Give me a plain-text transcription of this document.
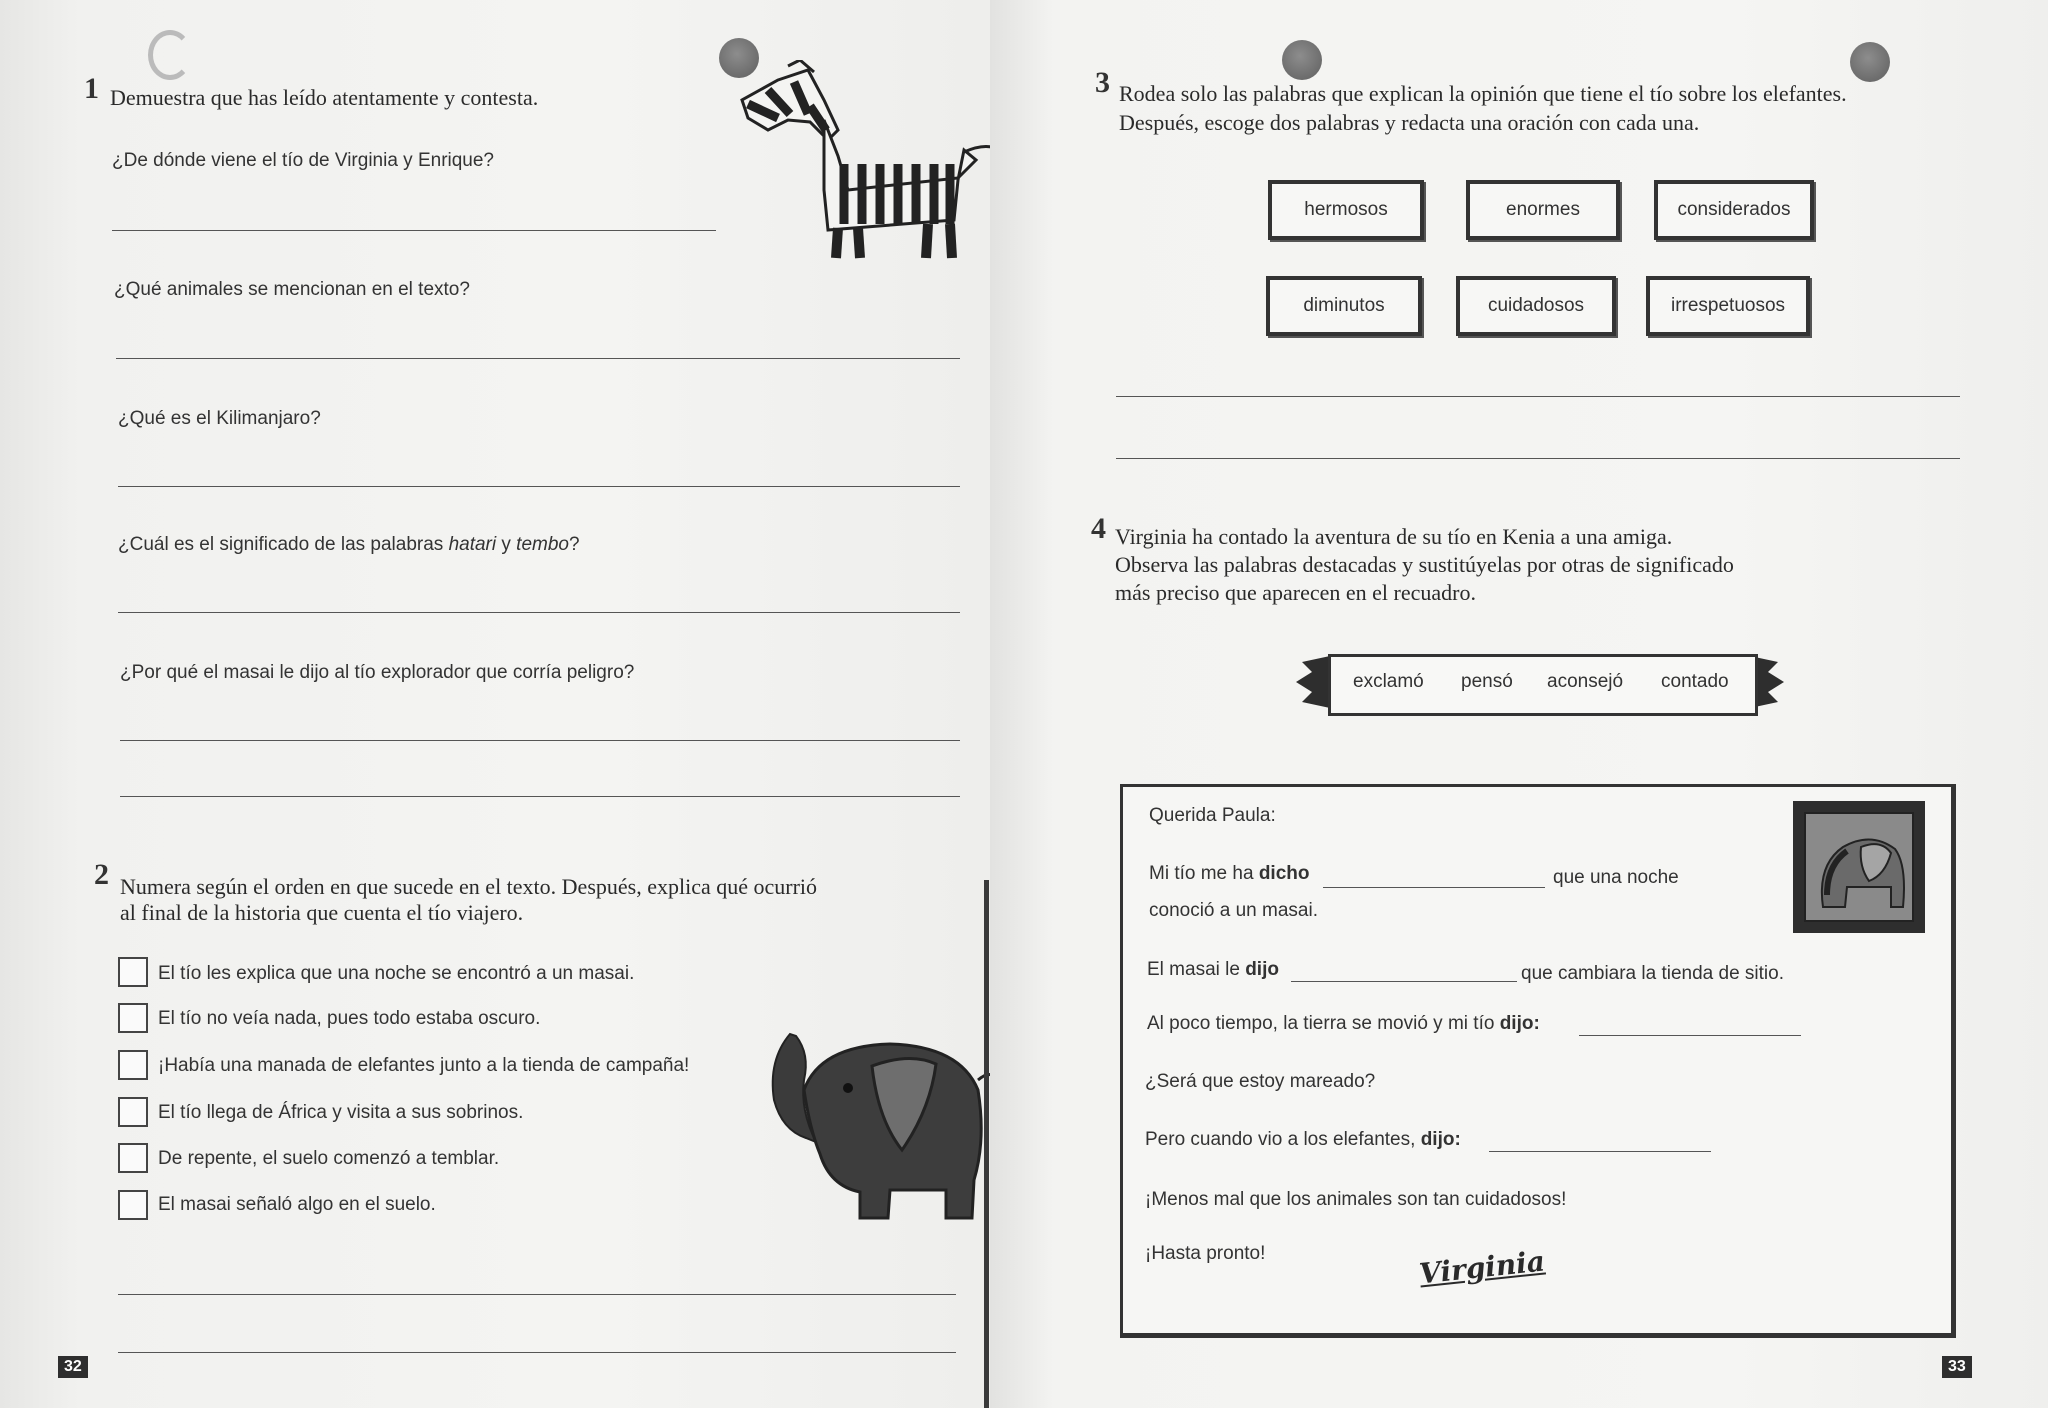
1 Demuestra que has leído atentamente y contesta.
¿De dónde viene el tío de Virginia y Enrique?
¿Qué animales se mencionan en el texto?
¿Qué es el Kilimanjaro?
¿Cuál es el significado de las palabras hatari y tembo?
¿Por qué el masai le dijo al tío explorador que corría peligro?
2 Numera según el orden en que sucede en el texto. Después, explica qué ocurrió
al final de la historia que cuenta el tío viajero.
El tío les explica que una noche se encontró a un masai.
El tío no veía nada, pues todo estaba oscuro.
¡Había una manada de elefantes junto a la tienda de campaña!
El tío llega de África y visita a sus sobrinos.
De repente, el suelo comenzó a temblar.
El masai señaló algo en el suelo.
32
3 Rodea solo las palabras que explican la opinión que tiene el tío sobre los elefantes.
Después, escoge dos palabras y redacta una oración con cada una.
hermosos	enormes	considerados
diminutos	cuidadosos	irrespetuosos
4 Virginia ha contado la aventura de su tío en Kenia a una amiga.
Observa las palabras destacadas y sustitúyelas por otras de significado
más preciso que aparecen en el recuadro.
exclamó pensó aconsejó contado
Querida Paula:
Mi tío me ha dicho	que una noche
conoció a un masai.
El masai le dijo	que cambiara la tienda de sitio.
Al poco tiempo, la tierra se movió y mi tío dijo:
¿Será que estoy mareado?
Pero cuando vio a los elefantes, dijo:
¡Menos mal que los animales son tan cuidadosos!
¡Hasta pronto!	Virginia
33
